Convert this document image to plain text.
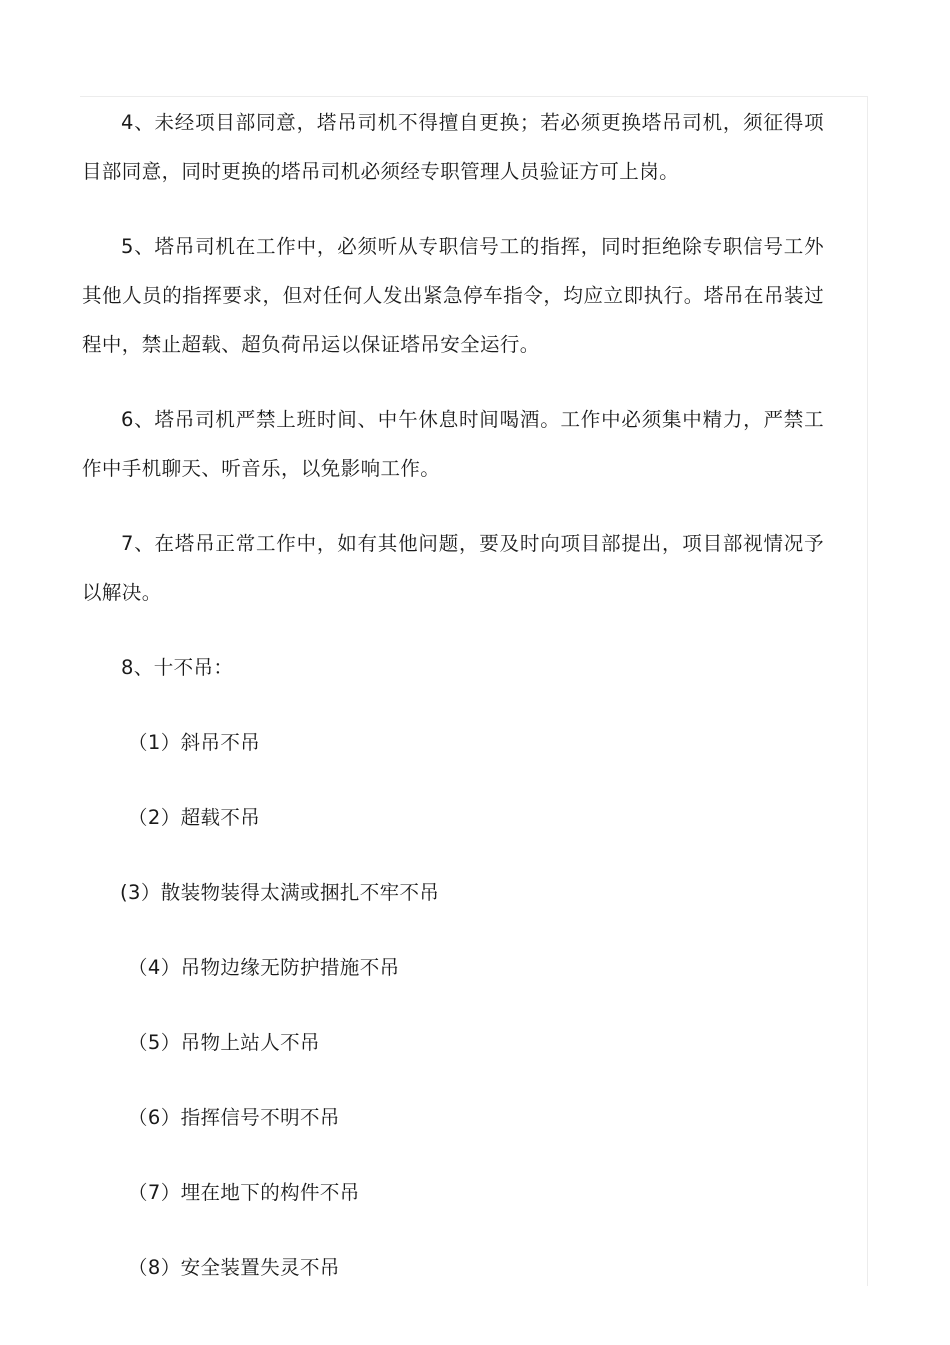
4、未经项目部同意，塔吊司机不得擅自更换；若必须更换塔吊司机，须征得项目部同意，同时更换的塔吊司机必须经专职管理人员验证方可上岗。

5、塔吊司机在工作中，必须听从专职信号工的指挥，同时拒绝除专职信号工外其他人员的指挥要求，但对任何人发出紧急停车指令，均应立即执行。塔吊在吊装过程中，禁止超载、超负荷吊运以保证塔吊安全运行。

6、塔吊司机严禁上班时间、中午休息时间喝酒。工作中必须集中精力，严禁工作中手机聊天、听音乐，以免影响工作。

7、在塔吊正常工作中，如有其他问题，要及时向项目部提出，项目部视情况予以解决。

8、十不吊：

（1）斜吊不吊

（2）超载不吊

(3）散装物装得太满或捆扎不牢不吊

（4）吊物边缘无防护措施不吊

（5）吊物上站人不吊

（6）指挥信号不明不吊

（7）埋在地下的构件不吊

（8）安全装置失灵不吊
